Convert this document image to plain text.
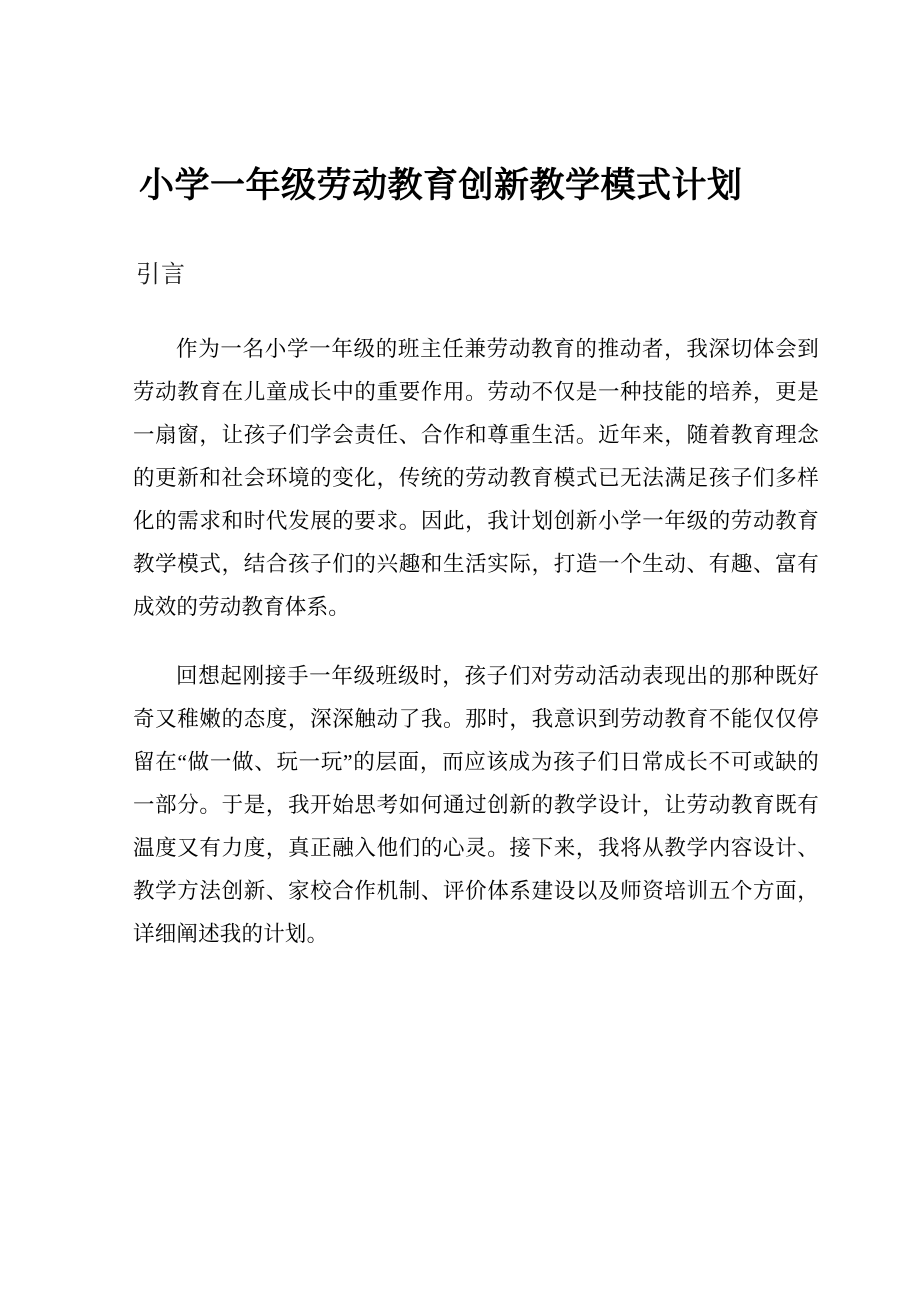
小学一年级劳动教育创新教学模式计划
引言

作为一名小学一年级的班主任兼劳动教育的推动者，我深切体会到劳动教育在儿童成长中的重要作用。劳动不仅是一种技能的培养，更是一扇窗，让孩子们学会责任、合作和尊重生活。近年来，随着教育理念的更新和社会环境的变化，传统的劳动教育模式已无法满足孩子们多样化的需求和时代发展的要求。因此，我计划创新小学一年级的劳动教育教学模式，结合孩子们的兴趣和生活实际，打造一个生动、有趣、富有成效的劳动教育体系。

回想起刚接手一年级班级时，孩子们对劳动活动表现出的那种既好奇又稚嫩的态度，深深触动了我。那时，我意识到劳动教育不能仅仅停留在“做一做、玩一玩”的层面，而应该成为孩子们日常成长不可或缺的一部分。于是，我开始思考如何通过创新的教学设计，让劳动教育既有温度又有力度，真正融入他们的心灵。接下来，我将从教学内容设计、教学方法创新、家校合作机制、评价体系建设以及师资培训五个方面，详细阐述我的计划。
